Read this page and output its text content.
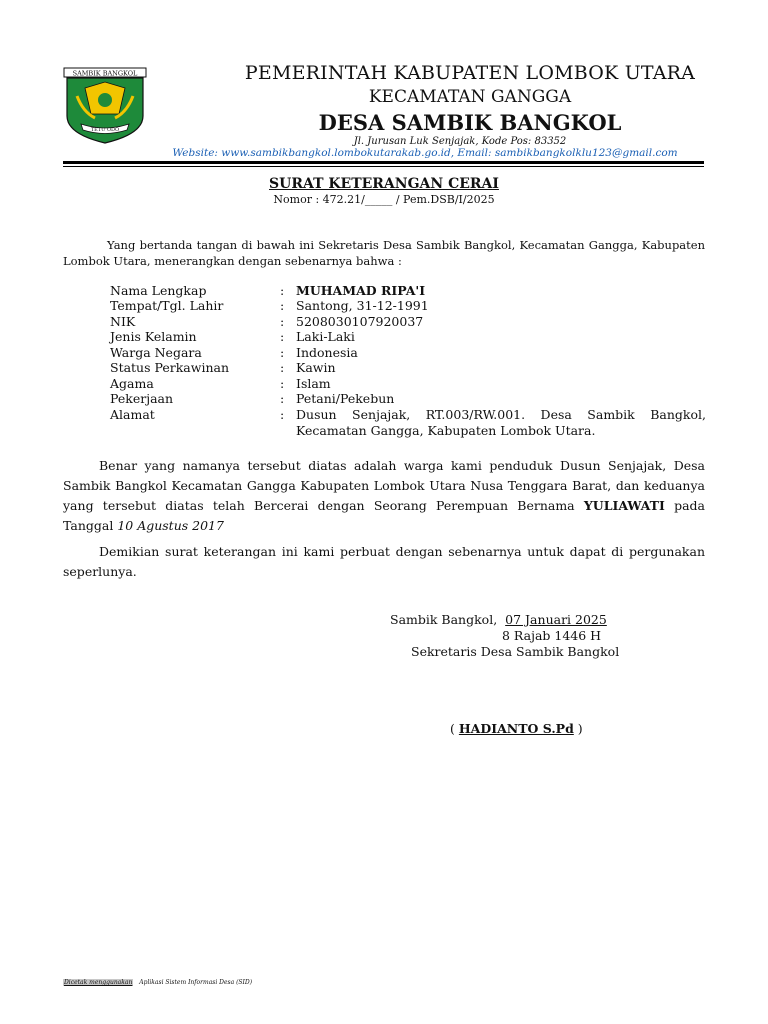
SAMBIK BANGKOL
TETU ODO
PEMERINTAH KABUPATEN LOMBOK UTARA
KECAMATAN GANGGA
DESA SAMBIK BANGKOL
Jl. Jurusan Luk Senjajak, Kode Pos: 83352
Website: www.sambikbangkol.lombokutarakab.go.id, Email: sambikbangkolklu123@gmail.com
SURAT KETERANGAN CERAI
Nomor : 472.21/_____ / Pem.DSB/I/2025
Yang bertanda tangan di bawah ini Sekretaris Desa Sambik Bangkol, Kecamatan Gangga, Kabupaten Lombok Utara, menerangkan dengan sebenarnya bahwa :
Nama Lengkap	: MUHAMAD RIPA'I
Tempat/Tgl. Lahir	: Santong, 31-12-1991
NIK	: 5208030107920037
Jenis Kelamin	: Laki-Laki
Warga Negara	: Indonesia
Status Perkawinan	: Kawin
Agama	: Islam
Pekerjaan	: Petani/Pekebun
Alamat	: Dusun Senjajak, RT.003/RW.001. Desa Sambik Bangkol, Kecamatan Gangga, Kabupaten Lombok Utara.
Benar yang namanya tersebut diatas adalah warga kami penduduk Dusun Senjajak, Desa Sambik Bangkol Kecamatan Gangga Kabupaten Lombok Utara Nusa Tenggara Barat, dan keduanya yang tersebut diatas telah Bercerai dengan Seorang Perempuan Bernama YULIAWATI pada Tanggal 10 Agustus 2017
Demikian surat keterangan ini kami perbuat dengan sebenarnya untuk dapat di pergunakan seperlunya.
Sambik Bangkol, 07 Januari 2025
8 Rajab 1446 H
Sekretaris Desa Sambik Bangkol
( HADIANTO S.Pd )
Dicetak menggunakan Aplikasi Sistem Informasi Desa (SID)
